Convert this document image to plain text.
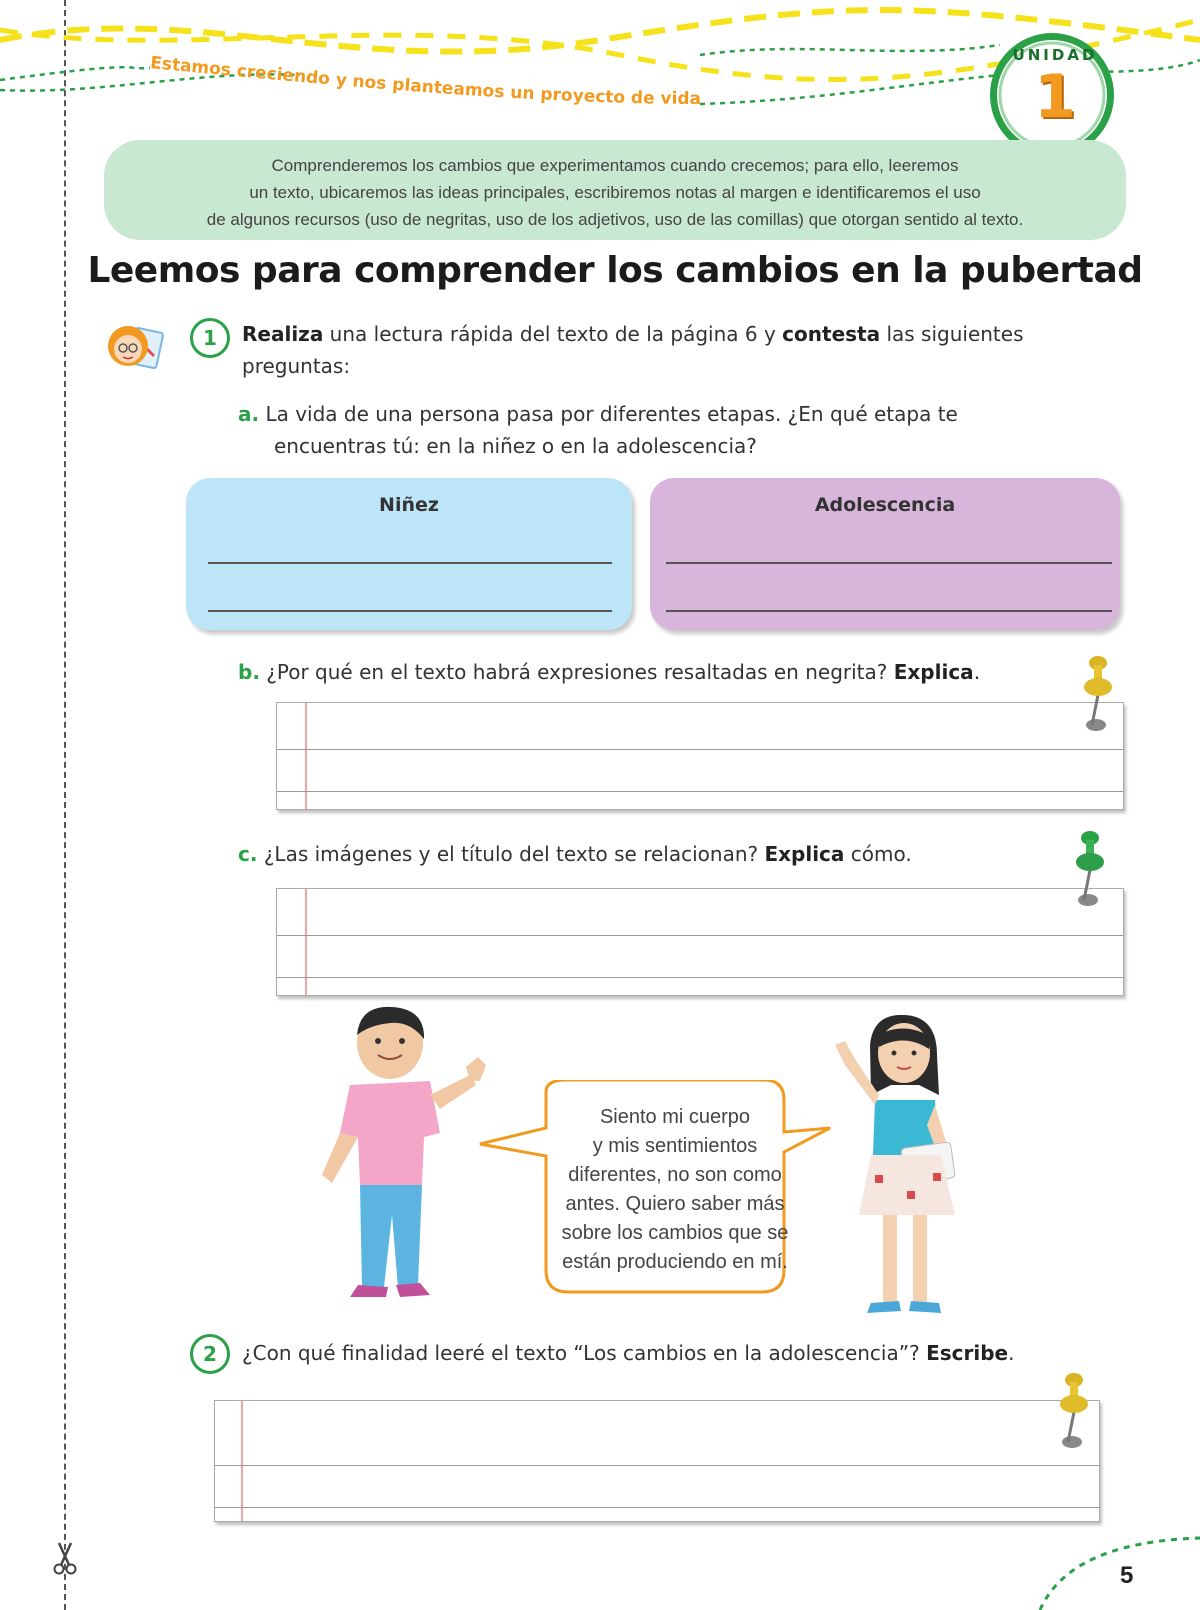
Estamos creciendo y nos planteamos un proyecto de vida
UNIDAD
1
Comprenderemos los cambios que experimentamos cuando crecemos; para ello, leeremos
un texto, ubicaremos las ideas principales, escribiremos notas al margen e identificaremos el uso
de algunos recursos (uso de negritas, uso de los adjetivos, uso de las comillas) que otorgan sentido al texto.
Leemos para comprender los cambios en la pubertad
1	Realiza una lectura rápida del texto de la página 6 y contesta las siguientes
preguntas:
a. La vida de una persona pasa por diferentes etapas. ¿En qué etapa te
encuentras tú: en la niñez o en la adolescencia?
Niñez	Adolescencia
b. ¿Por qué en el texto habrá expresiones resaltadas en negrita? Explica.
c. ¿Las imágenes y el título del texto se relacionan? Explica cómo.
Siento mi cuerpo
y mis sentimientos
diferentes, no son como
antes. Quiero saber más
sobre los cambios que se
están produciendo en mí.
2	¿Con qué finalidad leeré el texto “Los cambios en la adolescencia”? Escribe.
5
